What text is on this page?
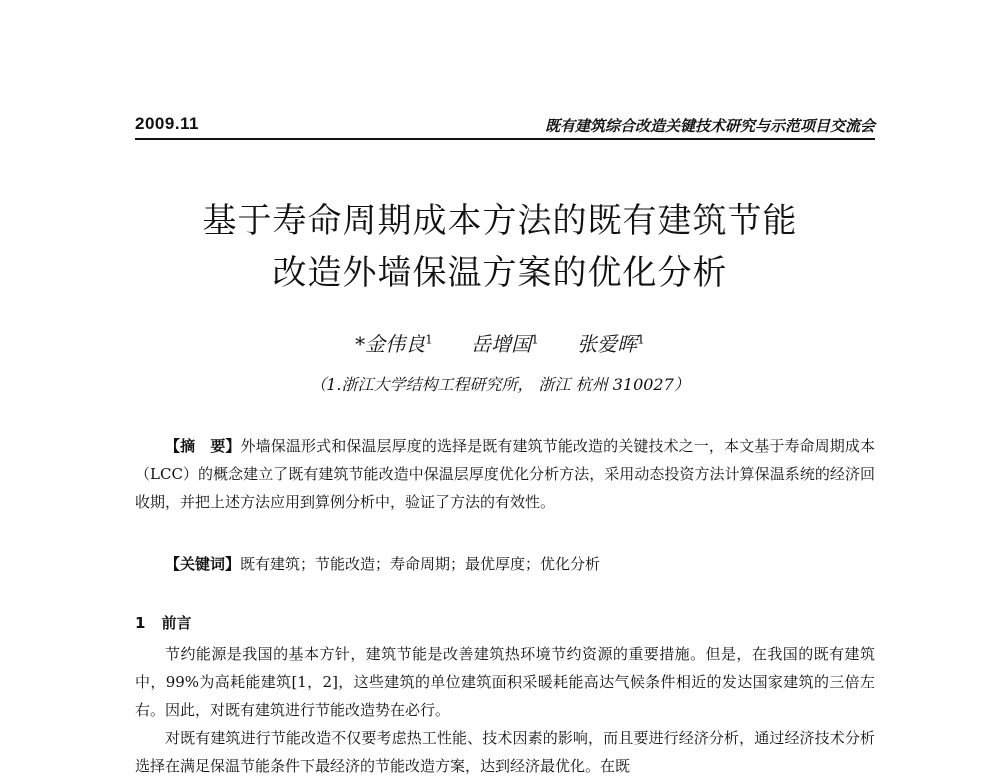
2009.11	既有建筑综合改造关键技术研究与示范项目交流会
基于寿命周期成本方法的既有建筑节能
改造外墙保温方案的优化分析
*金伟良$^1$ 岳增国$^1$ 张爱晖$^1$
（1.浙江大学结构工程研究所， 浙江 杭州 310027）

【摘　要】外墙保温形式和保温层厚度的选择是既有建筑节能改造的关键技术之一，本文基于寿命周期成本（LCC）的概念建立了既有建筑节能改造中保温层厚度优化分析方法，采用动态投资方法计算保温系统的经济回收期，并把上述方法应用到算例分析中，验证了方法的有效性。

【关键词】既有建筑；节能改造；寿命周期；最优厚度；优化分析
1 前言

节约能源是我国的基本方针，建筑节能是改善建筑热环境节约资源的重要措施。但是，在我国的既有建筑中，99%为高耗能建筑[1，2]，这些建筑的单位建筑面积采暖耗能高达气候条件相近的发达国家建筑的三倍左右。因此，对既有建筑进行节能改造势在必行。

对既有建筑进行节能改造不仅要考虑热工性能、技术因素的影响，而且要进行经济分析，通过经济技术分析选择在满足保温节能条件下最经济的节能改造方案，达到经济最优化。在既
